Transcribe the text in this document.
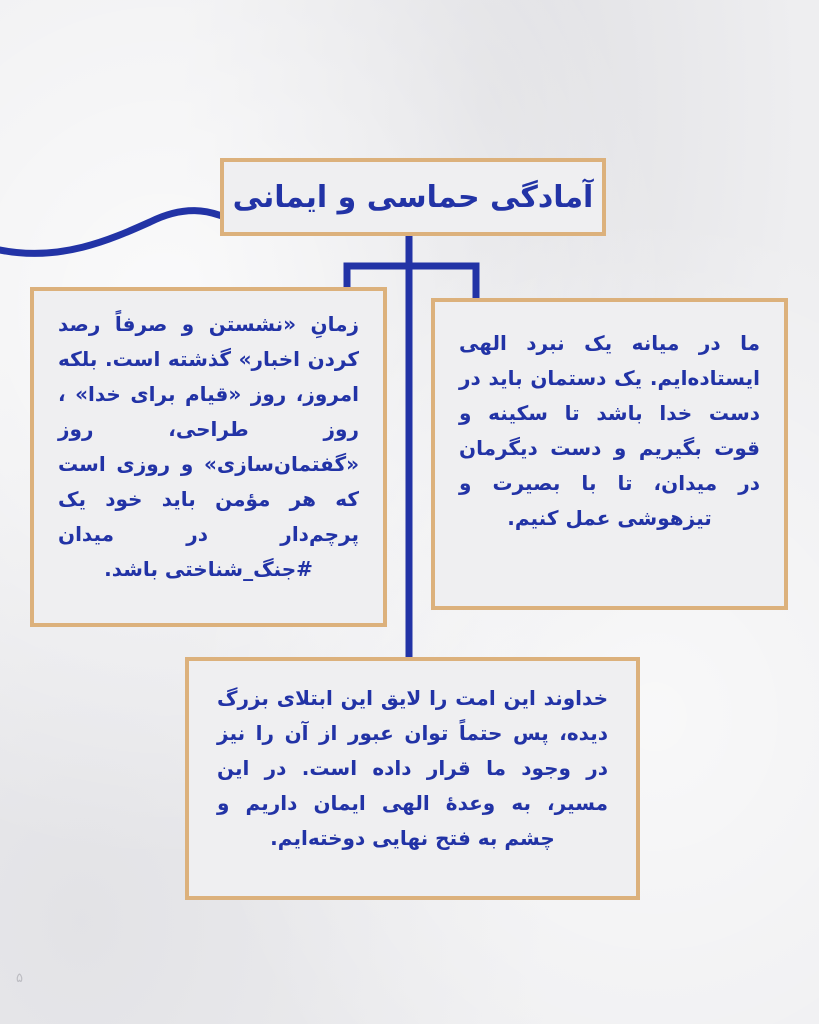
آمادگی حماسی و ایمانی

ما در میانه یک نبرد الهی ایستاده‌ایم. یک دستمان باید در دست خدا باشد تا سکینه و قوت بگیریم و دست دیگرمان در میدان، تا با بصیرت و تیزهوشی عمل کنیم.

زمانِ «نشستن و صرفاً رصد کردن اخبار» گذشته است. بلکه امروز، روز «قیام برای خدا» ، روز طراحی، روز «گفتمان‌سازی» و روزی است که هر مؤمن باید خود یک پرچم‌دار در میدان #جنگ_شناختی باشد.

خداوند این امت را لایق این ابتلای بزرگ دیده، پس حتماً توان عبور از آن را نیز در وجود ما قرار داده است. در این مسیر، به وعدهٔ الهی ایمان داریم و چشم به فتح نهایی دوخته‌ایم.

۵
